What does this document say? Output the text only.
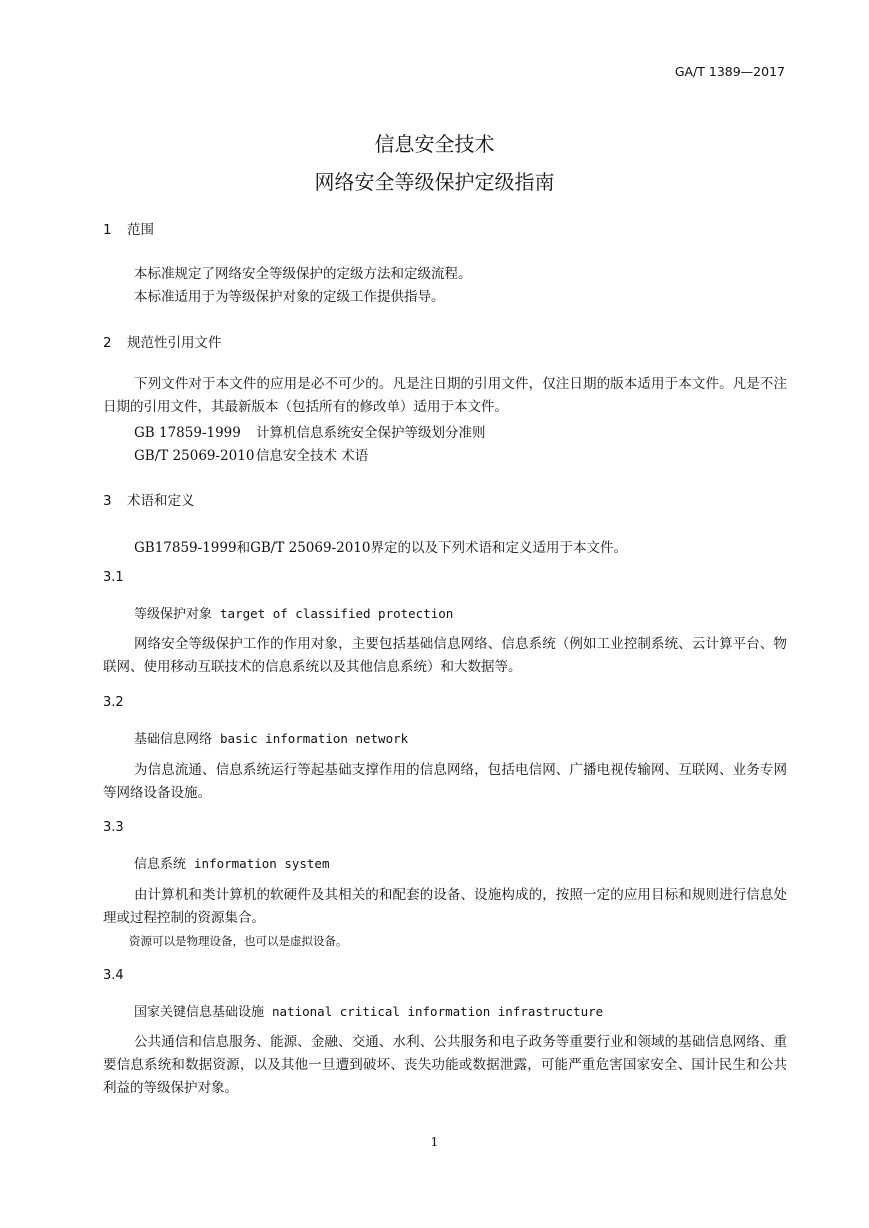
GA/T 1389—2017
信息安全技术
网络安全等级保护定级指南
1 范围
本标准规定了网络安全等级保护的定级方法和定级流程。
本标准适用于为等级保护对象的定级工作提供指导。
2 规范性引用文件
下列文件对于本文件的应用是必不可少的。凡是注日期的引用文件，仅注日期的版本适用于本文件。凡是不注日期的引用文件，其最新版本（包括所有的修改单）适用于本文件。
GB 17859-1999 计算机信息系统安全保护等级划分准则
GB/T 25069-2010 信息安全技术 术语
3 术语和定义
GB17859-1999和GB/T 25069-2010界定的以及下列术语和定义适用于本文件。
3.1
等级保护对象 target of classified protection
网络安全等级保护工作的作用对象，主要包括基础信息网络、信息系统（例如工业控制系统、云计算平台、物联网、使用移动互联技术的信息系统以及其他信息系统）和大数据等。
3.2
基础信息网络 basic information network
为信息流通、信息系统运行等起基础支撑作用的信息网络，包括电信网、广播电视传输网、互联网、业务专网等网络设备设施。
3.3
信息系统 information system
由计算机和类计算机的软硬件及其相关的和配套的设备、设施构成的，按照一定的应用目标和规则进行信息处理或过程控制的资源集合。
资源可以是物理设备，也可以是虚拟设备。
3.4
国家关键信息基础设施 national critical information infrastructure
公共通信和信息服务、能源、金融、交通、水利、公共服务和电子政务等重要行业和领域的基础信息网络、重要信息系统和数据资源，以及其他一旦遭到破坏、丧失功能或数据泄露，可能严重危害国家安全、国计民生和公共利益的等级保护对象。
1
